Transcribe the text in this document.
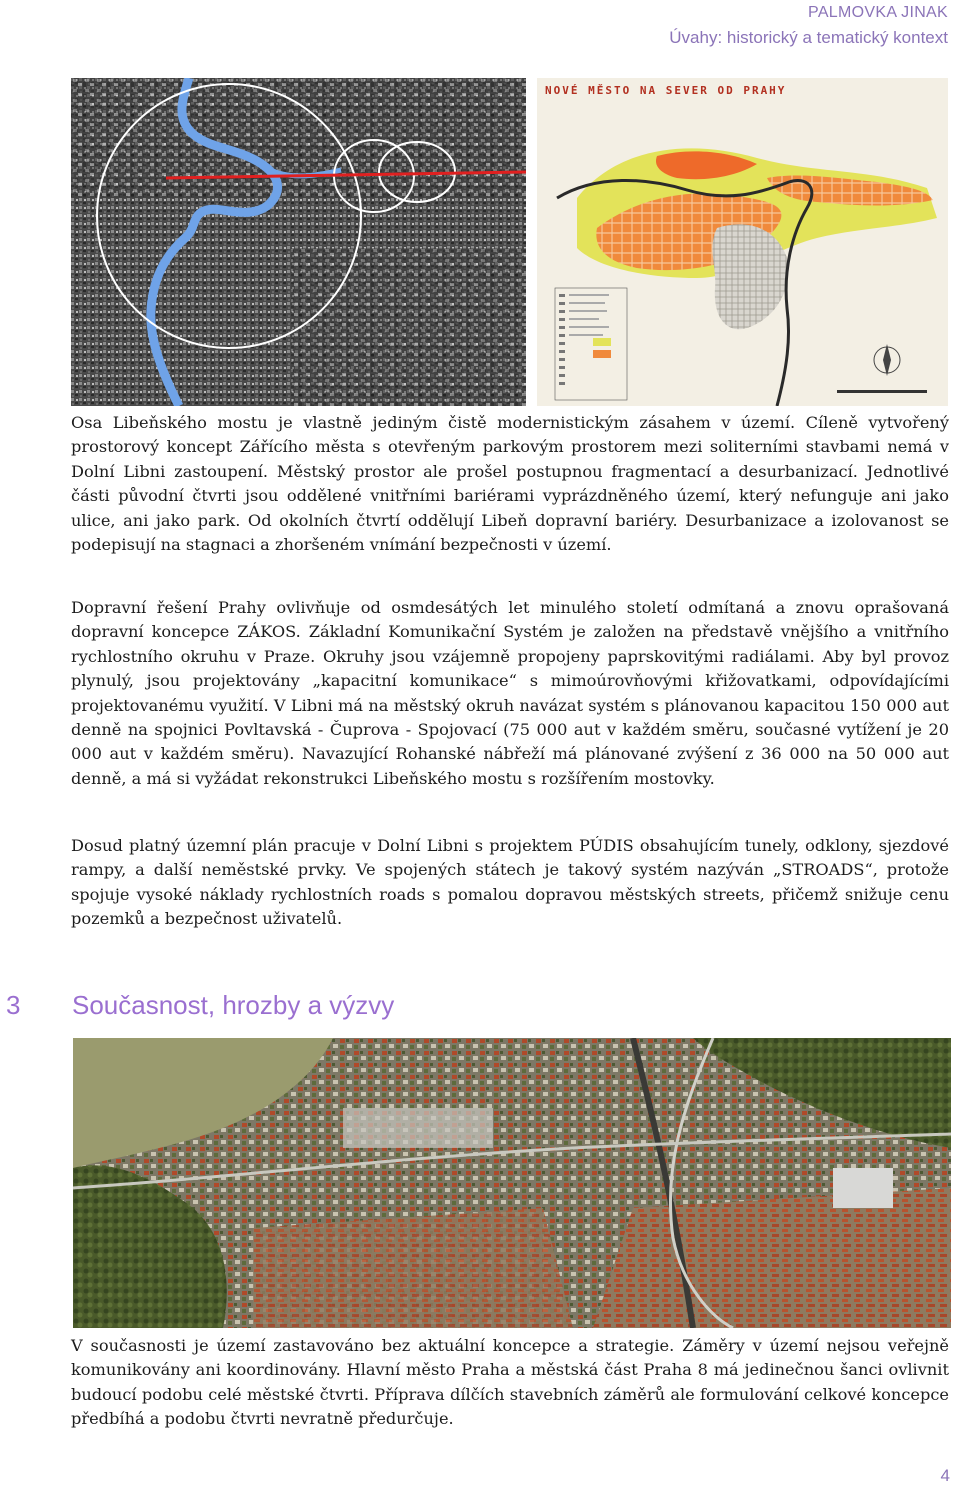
PALMOVKA JINAK
Úvahy: historický a tematický kontext
NOVÉ MĚSTO NA SEVER OD PRAHY

Osa Libeňského mostu je vlastně jediným čistě modernistickým zásahem v území. Cíleně vytvořený prostorový koncept Zářícího města s otevřeným parkovým prostorem mezi soliterními stavbami nemá v Dolní Libni zastoupení. Městský prostor ale prošel postupnou fragmentací a desurbanizací. Jednotlivé části původní čtvrti jsou oddělené vnitřními bariérami vyprázdněného území, který nefunguje ani jako ulice, ani jako park. Od okolních čtvrtí oddělují Libeň dopravní bariéry. Desurbanizace a izolovanost se podepisují na stagnaci a zhoršeném vnímání bezpečnosti v území.

Dopravní řešení Prahy ovlivňuje od osmdesátých let minulého století odmítaná a znovu oprašovaná dopravní koncepce ZÁKOS. Základní Komunikační Systém je založen na představě vnějšího a vnitřního rychlostního okruhu v Praze. Okruhy jsou vzájemně propojeny paprskovitými radiálami. Aby byl provoz plynulý, jsou projektovány „kapacitní komunikace“ s mimoúrovňovými křižovatkami, odpovídajícími projektovanému využití. V Libni má na městský okruh navázat systém s plánovanou kapacitou 150 000 aut denně na spojnici Povltavská - Čuprova - Spojovací (75 000 aut v každém směru, současné vytížení je 20 000 aut v každém směru). Navazující Rohanské nábřeží má plánované zvýšení z 36 000 na 50 000 aut denně, a má si vyžádat rekonstrukci Libeňského mostu s rozšířením mostovky.

Dosud platný územní plán pracuje v Dolní Libni s projektem PÚDIS obsahujícím tunely, odklony, sjezdové rampy, a další neměstské prvky. Ve spojených státech je takový systém nazýván „STROADS“, protože spojuje vysoké náklady rychlostních roads s pomalou dopravou městských streets, přičemž snižuje cenu pozemků a bezpečnost uživatelů.

3 Současnost, hrozby a výzvy

V současnosti je území zastavováno bez aktuální koncepce a strategie. Záměry v území nejsou veřejně komunikovány ani koordinovány. Hlavní město Praha a městská část Praha 8 má jedinečnou šanci ovlivnit budoucí podobu celé městské čtvrti. Příprava dílčích stavebních záměrů ale formulování celkové koncepce předbíhá a podobu čtvrti nevratně předurčuje.

4
